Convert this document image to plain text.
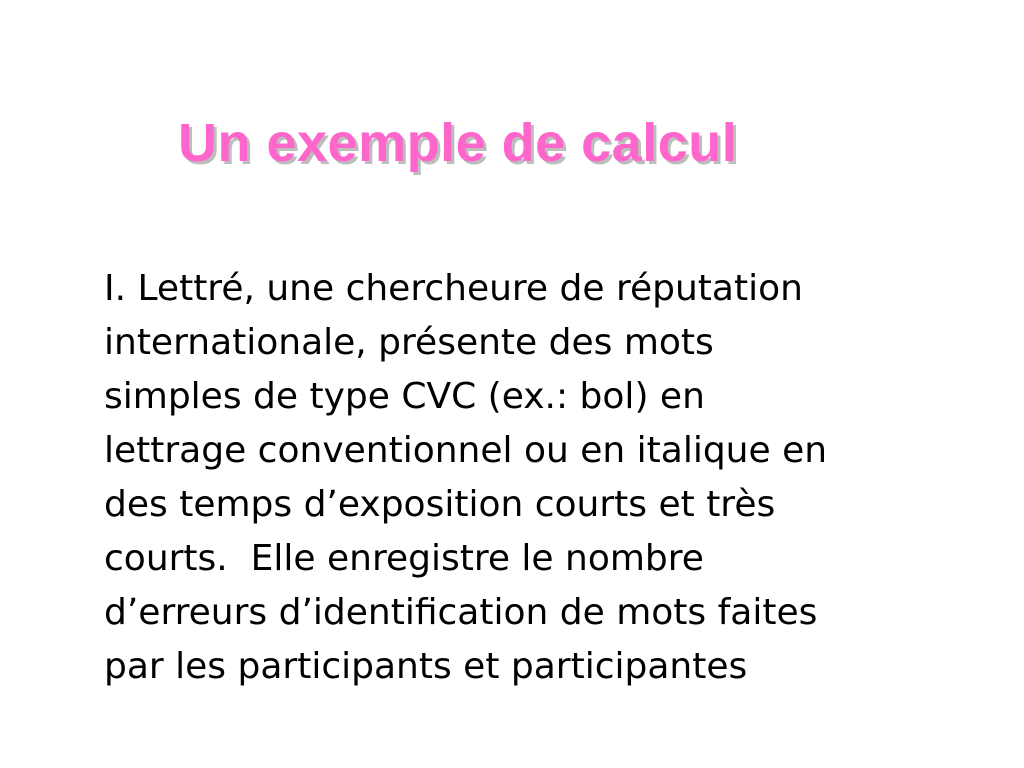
Un exemple de calcul
I. Lettré, une chercheure de réputation
internationale, présente des mots
simples de type CVC (ex.: bol) en
lettrage conventionnel ou en italique en
des temps d’exposition courts et très
courts.  Elle enregistre le nombre
d’erreurs d’identification de mots faites
par les participants et participantes
